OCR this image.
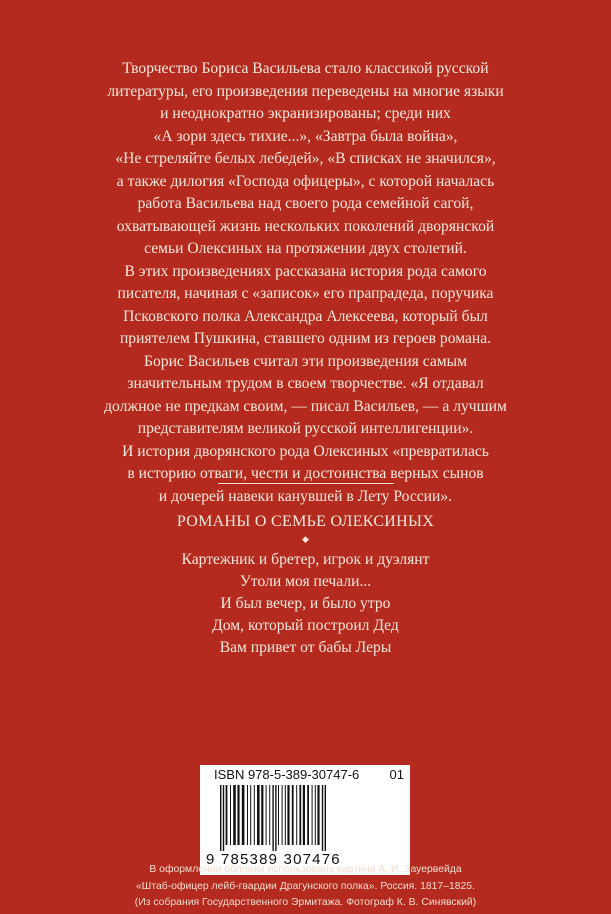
Творчество Бориса Васильева стало классикой русской

литературы, его произведения переведены на многие языки

и неоднократно экранизированы; среди них

«А зори здесь тихие...», «Завтра была война»,

«Не стреляйте белых лебедей», «В списках не значился»,

а также дилогия «Господа офицеры», с которой началась

работа Васильева над своего рода семейной сагой,

охватывающей жизнь нескольких поколений дворянской

семьи Олексиных на протяжении двух столетий.

В этих произведениях рассказана история рода самого

писателя, начиная с «записок» его прапрадеда, поручика

Псковского полка Александра Алексеева, который был

приятелем Пушкина, ставшего одним из героев романа.

Борис Васильев считал эти произведения самым

значительным трудом в своем творчестве. «Я отдавал

должное не предкам своим, — писал Васильев, — а лучшим

представителям великой русской интеллигенции».

И история дворянского рода Олексиных «превратилась

в историю отваги, чести и достоинства верных сынов

и дочерей навеки канувшей в Лету России».

РОМАНЫ О СЕМЬЕ ОЛЕКСИНЫХ
◆
Картежник и бретер, игрок и дуэлянт
Утоли моя печали...
И был вечер, и было утро
Дом, который построил Дед
Вам привет от бабы Леры
ISBN 978-5-389-30747-6 01
9 785389 307476

В оформлении обложки использована картина А. И. Зауервейда

«Штаб-офицер лейб-гвардии Драгунского полка». Россия. 1817–1825.

(Из собрания Государственного Эрмитажа. Фотограф К. В. Синявский)
